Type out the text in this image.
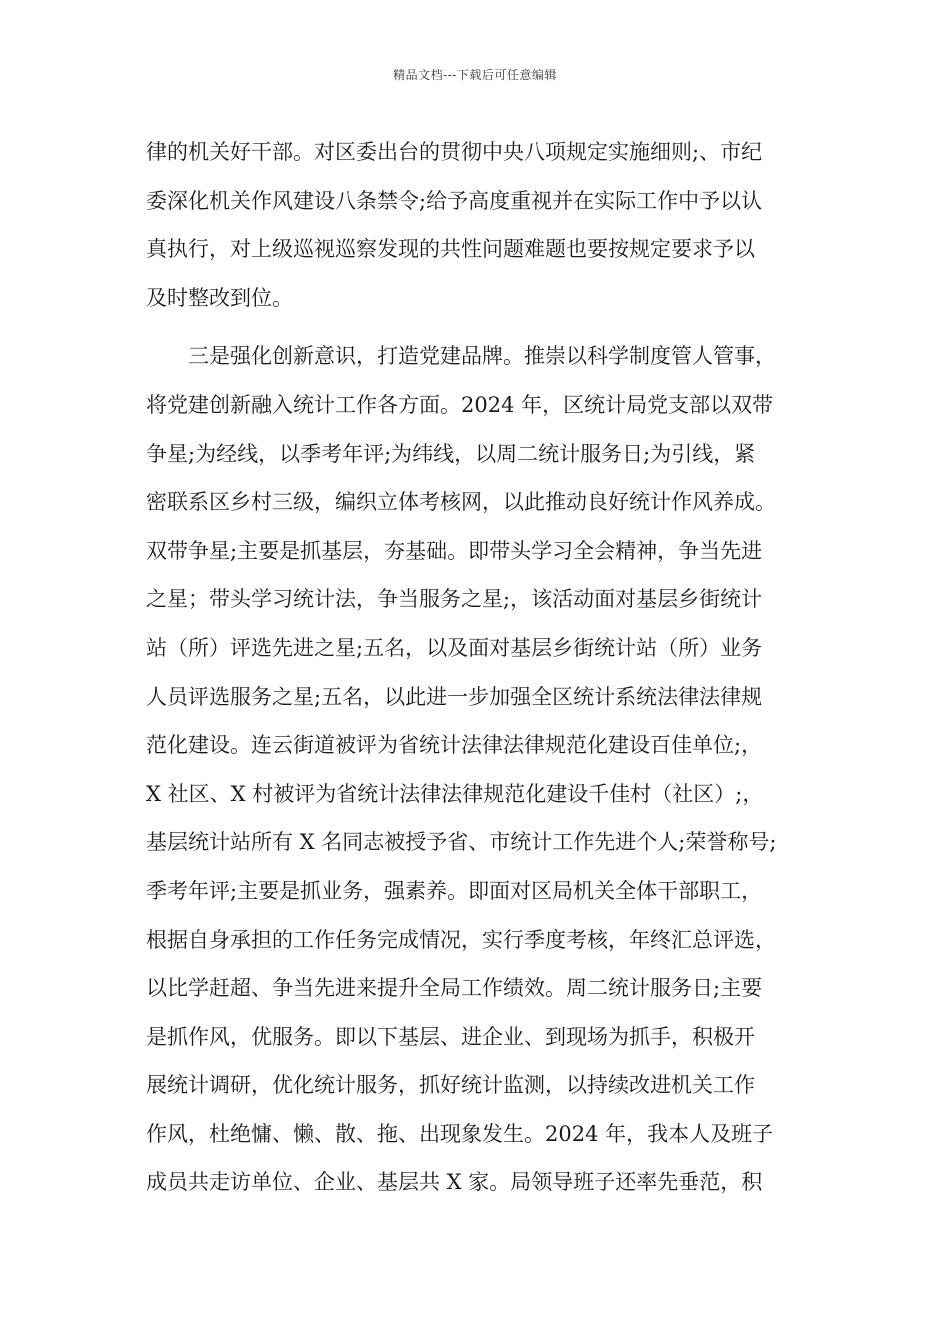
精品文档---下载后可任意编辑
律的机关好干部。对区委出台的贯彻中央八项规定实施细则;、市纪
委深化机关作风建设八条禁令;给予高度重视并在实际工作中予以认
真执行，对上级巡视巡察发现的共性问题难题也要按规定要求予以
及时整改到位。
　　三是强化创新意识，打造党建品牌。推崇以科学制度管人管事，
将党建创新融入统计工作各方面。2024 年，区统计局党支部以双带
争星;为经线，以季考年评;为纬线，以周二统计服务日;为引线，紧
密联系区乡村三级，编织立体考核网，以此推动良好统计作风养成。
双带争星;主要是抓基层，夯基础。即带头学习全会精神，争当先进
之星；带头学习统计法，争当服务之星;，该活动面对基层乡街统计
站（所）评选先进之星;五名，以及面对基层乡街统计站（所）业务
人员评选服务之星;五名，以此进一步加强全区统计系统法律法律规
范化建设。连云街道被评为省统计法律法律规范化建设百佳单位;，
X 社区、X 村被评为省统计法律法律规范化建设千佳村（社区）;，
基层统计站所有 X 名同志被授予省、市统计工作先进个人;荣誉称号;
季考年评;主要是抓业务，强素养。即面对区局机关全体干部职工，
根据自身承担的工作任务完成情况，实行季度考核，年终汇总评选，
以比学赶超、争当先进来提升全局工作绩效。周二统计服务日;主要
是抓作风，优服务。即以下基层、进企业、到现场为抓手，积极开
展统计调研，优化统计服务，抓好统计监测，以持续改进机关工作
作风，杜绝慵、懒、散、拖、出现象发生。2024 年，我本人及班子
成员共走访单位、企业、基层共 X 家。局领导班子还率先垂范，积
